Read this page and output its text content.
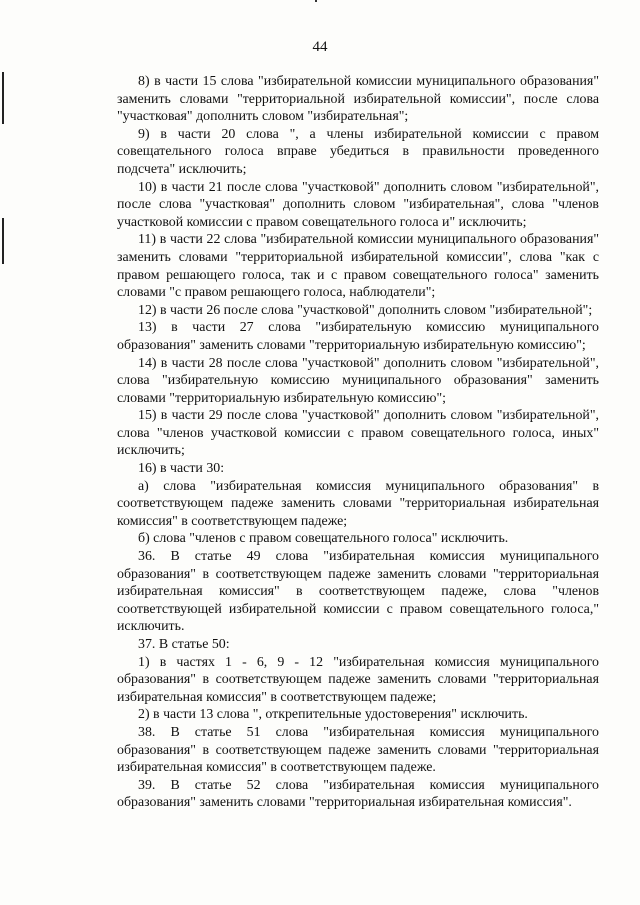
44

8) в части 15 слова "избирательной комиссии муниципального образования" заменить словами "территориальной избирательной комиссии", после слова "участковая" дополнить словом "избирательная";

9) в части 20 слова ", а члены избирательной комиссии с правом совещательного голоса вправе убедиться в правильности проведенного подсчета" исключить;

10) в части 21 после слова "участковой" дополнить словом "избирательной", после слова "участковая" дополнить словом "избирательная", слова "членов участковой комиссии с правом совещательного голоса и" исключить;

11) в части 22 слова "избирательной комиссии муниципального образования" заменить словами "территориальной избирательной комиссии", слова "как с правом решающего голоса, так и с правом совещательного голоса" заменить словами "с правом решающего голоса, наблюдатели";

12) в части 26 после слова "участковой" дополнить словом "избирательной";

13) в части 27 слова "избирательную комиссию муниципального образования" заменить словами "территориальную избирательную комиссию";

14) в части 28 после слова "участковой" дополнить словом "избирательной", слова "избирательную комиссию муниципального образования" заменить словами "территориальную избирательную комиссию";

15) в части 29 после слова "участковой" дополнить словом "избирательной", слова "членов участковой комиссии с правом совещательного голоса, иных" исключить;

16) в части 30:

а) слова "избирательная комиссия муниципального образования" в соответствующем падеже заменить словами "территориальная избирательная комиссия" в соответствующем падеже;

б) слова "членов с правом совещательного голоса" исключить.

36. В статье 49 слова "избирательная комиссия муниципального образования" в соответствующем падеже заменить словами "территориальная избирательная комиссия" в соответствующем падеже, слова "членов соответствующей избирательной комиссии с правом совещательного голоса," исключить.

37. В статье 50:

1) в частях 1 - 6, 9 - 12 "избирательная комиссия муниципального образования" в соответствующем падеже заменить словами "территориальная избирательная комиссия" в соответствующем падеже;

2) в части 13 слова ", открепительные удостоверения" исключить.

38. В статье 51 слова "избирательная комиссия муниципального образования" в соответствующем падеже заменить словами "территориальная избирательная комиссия" в соответствующем падеже.

39. В статье 52 слова "избирательная комиссия муниципального образования" заменить словами "территориальная избирательная комиссия".
